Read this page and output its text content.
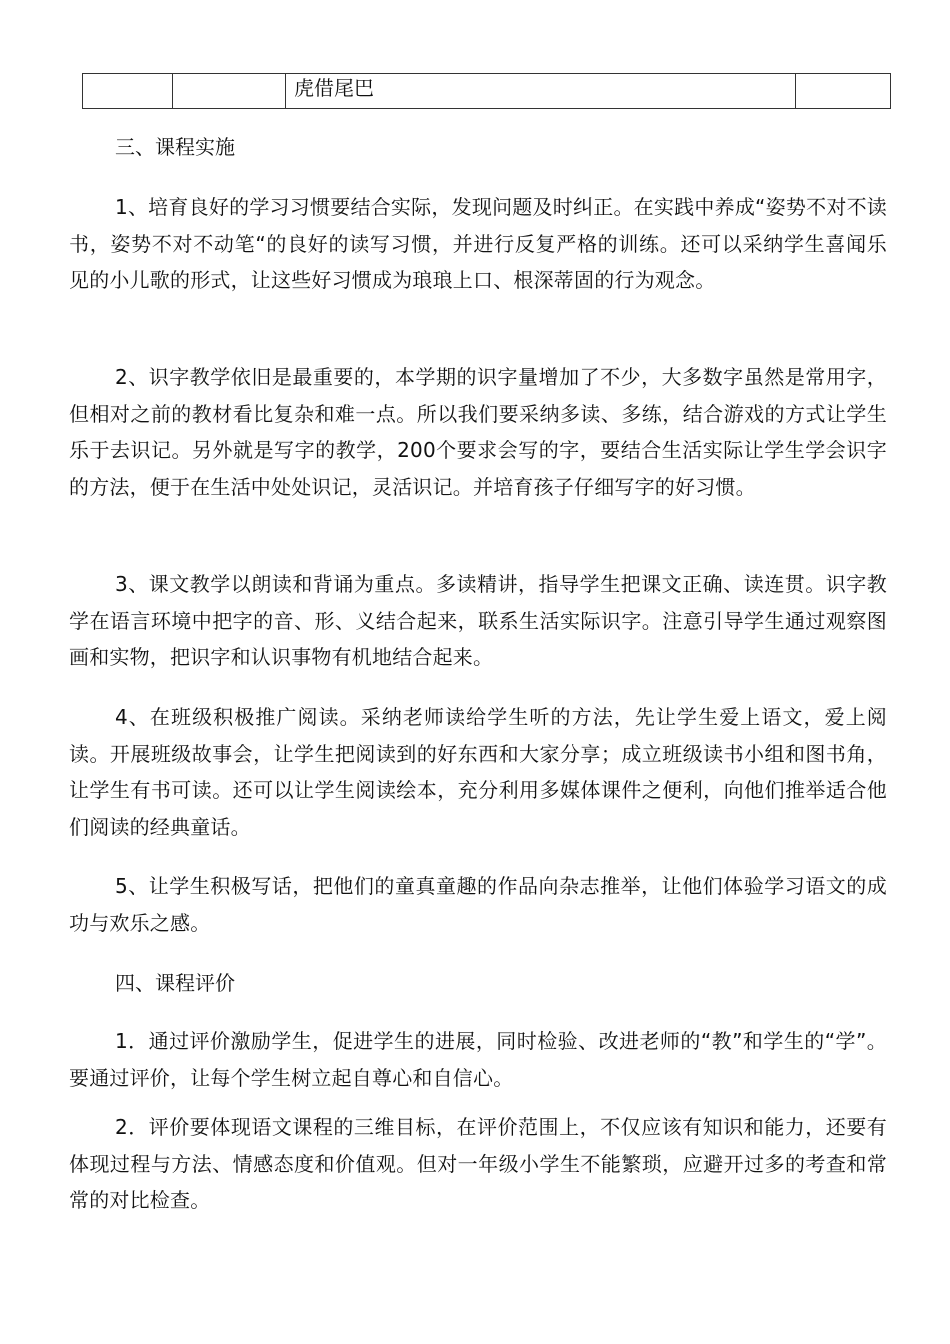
		虎借尾巴	

三、课程实施

1、培育良好的学习习惯要结合实际，发现问题及时纠正。在实践中养成“姿势不对不读书，姿势不对不动笔“的良好的读写习惯，并进行反复严格的训练。还可以采纳学生喜闻乐见的小儿歌的形式，让这些好习惯成为琅琅上口、根深蒂固的行为观念。

2、识字教学依旧是最重要的，本学期的识字量增加了不少，大多数字虽然是常用字，但相对之前的教材看比复杂和难一点。所以我们要采纳多读、多练，结合游戏的方式让学生乐于去识记。另外就是写字的教学，200个要求会写的字，要结合生活实际让学生学会识字的方法，便于在生活中处处识记，灵活识记。并培育孩子仔细写字的好习惯。

3、课文教学以朗读和背诵为重点。多读精讲，指导学生把课文正确、读连贯。识字教学在语言环境中把字的音、形、义结合起来，联系生活实际识字。注意引导学生通过观察图画和实物，把识字和认识事物有机地结合起来。

4、在班级积极推广阅读。采纳老师读给学生听的方法，先让学生爱上语文，爱上阅读。开展班级故事会，让学生把阅读到的好东西和大家分享；成立班级读书小组和图书角，让学生有书可读。还可以让学生阅读绘本，充分利用多媒体课件之便利，向他们推举适合他们阅读的经典童话。

5、让学生积极写话，把他们的童真童趣的作品向杂志推举，让他们体验学习语文的成功与欢乐之感。

四、课程评价

1．通过评价激励学生，促进学生的进展，同时检验、改进老师的“教”和学生的“学”。要通过评价，让每个学生树立起自尊心和自信心。

2．评价要体现语文课程的三维目标，在评价范围上，不仅应该有知识和能力，还要有体现过程与方法、情感态度和价值观。但对一年级小学生不能繁琐，应避开过多的考查和常常的对比检查。
